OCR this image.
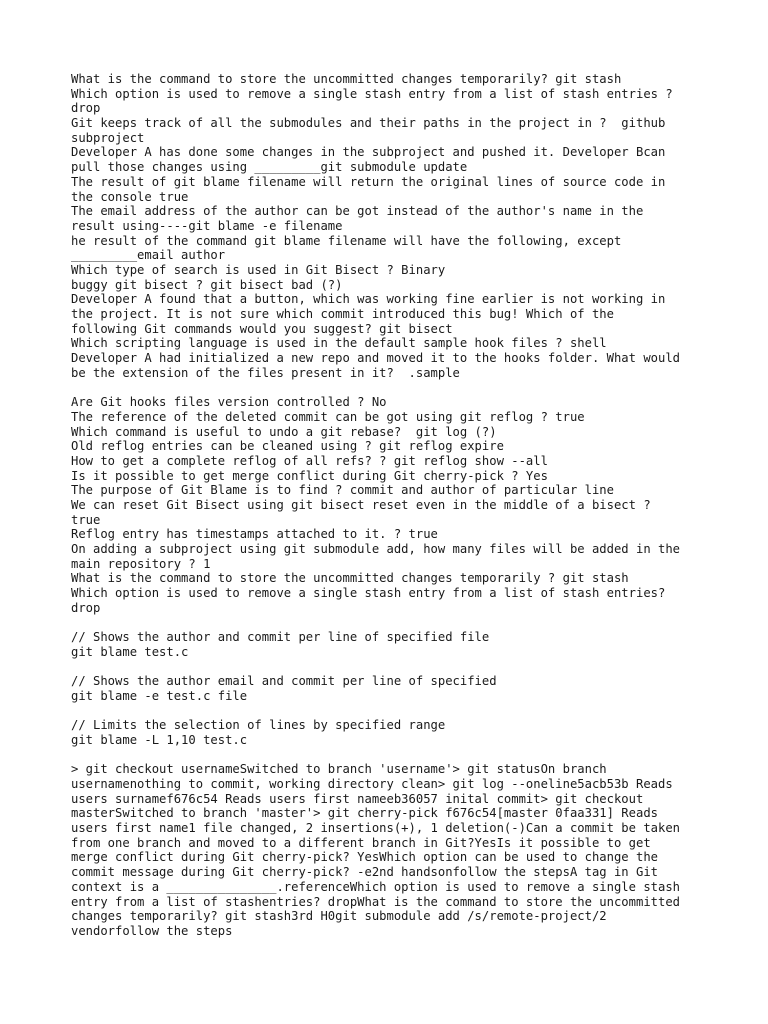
What is the command to store the uncommitted changes temporarily? git stash
Which option is used to remove a single stash entry from a list of stash entries ?
drop
Git keeps track of all the submodules and their paths in the project in ?  github
subproject
Developer A has done some changes in the subproject and pushed it. Developer Bcan
pull those changes using _________git submodule update
The result of git blame filename will return the original lines of source code in
the console true
The email address of the author can be got instead of the author's name in the
result using----git blame -e filename
he result of the command git blame filename will have the following, except
_________email author
Which type of search is used in Git Bisect ? Binary
buggy git bisect ? git bisect bad (?)
Developer A found that a button, which was working fine earlier is not working in
the project. It is not sure which commit introduced this bug! Which of the
following Git commands would you suggest? git bisect
Which scripting language is used in the default sample hook files ? shell
Developer A had initialized a new repo and moved it to the hooks folder. What would
be the extension of the files present in it?  .sample
Are Git hooks files version controlled ? No
The reference of the deleted commit can be got using git reflog ? true
Which command is useful to undo a git rebase?  git log (?)
Old reflog entries can be cleaned using ? git reflog expire
How to get a complete reflog of all refs? ? git reflog show --all
Is it possible to get merge conflict during Git cherry-pick ? Yes
The purpose of Git Blame is to find ? commit and author of particular line
We can reset Git Bisect using git bisect reset even in the middle of a bisect ?
true
Reflog entry has timestamps attached to it. ? true
On adding a subproject using git submodule add, how many files will be added in the
main repository ? 1
What is the command to store the uncommitted changes temporarily ? git stash
Which option is used to remove a single stash entry from a list of stash entries?
drop
// Shows the author and commit per line of specified file
git blame test.c
// Shows the author email and commit per line of specified
git blame -e test.c file
// Limits the selection of lines by specified range
git blame -L 1,10 test.c
> git checkout usernameSwitched to branch 'username'> git statusOn branch
usernamenothing to commit, working directory clean> git log --oneline5acb53b Reads
users surnamef676c54 Reads users first nameeb36057 inital commit> git checkout
masterSwitched to branch 'master'> git cherry-pick f676c54[master 0faa331] Reads
users first name1 file changed, 2 insertions(+), 1 deletion(-)Can a commit be taken
from one branch and moved to a different branch in Git?YesIs it possible to get
merge conflict during Git cherry-pick? YesWhich option can be used to change the
commit message during Git cherry-pick? -e2nd handsonfollow the stepsA tag in Git
context is a _______________.referenceWhich option is used to remove a single stash
entry from a list of stashentries? dropWhat is the command to store the uncommitted
changes temporarily? git stash3rd H0git submodule add /s/remote-project/2
vendorfollow the steps
